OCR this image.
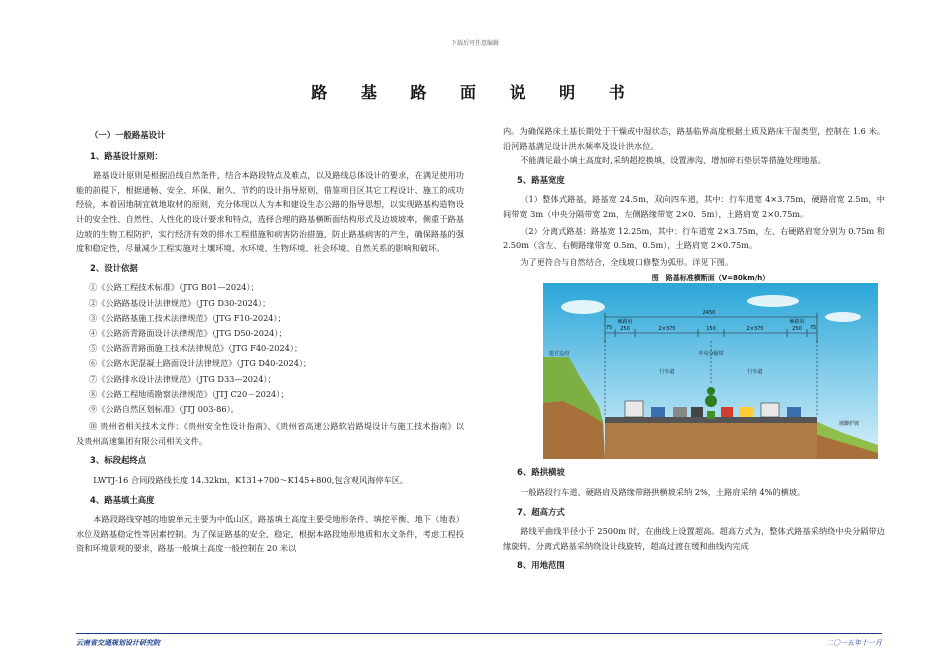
下载后可任意编辑
路 基 路 面 说 明 书
（一）一般路基设计
1、路基设计原则：
路基设计原则是根据沿线自然条件，结合本路段特点及难点，以及路线总体设计的要求，在满足使用功能的前提下，根据通畅、安全、环保、耐久、节约的设计指导原则，借鉴项目区其它工程设计、施工的成功经验，本着因地制宜就地取材的原则，充分体现以人为本和建设生态公路的指导思想，以实现路基构造物设计的安全性、自然性、人性化的设计要求和特点，选择合理的路基横断面结构形式及边坡坡率，侧重于路基边坡的生物工程防护，实行经济有效的排水工程措施和病害防治措施，防止路基病害的产生，确保路基的强度和稳定性，尽量减少工程实施对土壤环境、水环境、生物环境、社会环境、自然关系的影响和破坏。
2、设计依据
①《公路工程技术标准》（JTG B01—2024）；
②《公路路基设计法律规范》（JTG D30-2024）；
③《公路路基施工技术法律规范》（JTG F10-2024）；
④《公路沥青路面设计法律规范》（JTG D50-2024）；
⑤《公路沥青路面施工技术法律规范》（JTG F40-2024）；
⑥《公路水泥混凝土路面设计法律规范》（JTG D40-2024）；
⑦《公路排水设计法律规范》（JTG D33—2024）；
⑧《公路工程地质勘察法律规范》（JTJ C20－2024）；
⑨《公路自然区划标准》（JTJ 003-86）。
⑩ 贵州省相关技术文件：《贵州安全性设计指南》、《贵州省高速公路软岩路堤设计与施工技术指南》以及贵州高速集团有限公司相关文件。
3、标段起终点
LWTJ-16 合同段路线长度 14.32km，K131+700～K145+800,包含观风海停车区。
4、路基填土高度
本路段路线穿越的地貌单元主要为中低山区，路基填土高度主要受地形条件、填挖平衡、地下（地表）水位及路基稳定性等因素控制。为了保证路基的安全、稳定，根据本路段地形地质和水文条件，考虑工程投资和环境景观的要求，路基一般填土高度一般控制在 20 米以
内。为确保路床土基长期处于干燥或中湿状态，路基临界高度根据土质及路床干湿类型，控制在 1.6 米。沿河路基满足设计洪水频率及设计洪水位。
不能满足最小填土高度时,采纳超挖换填、设置渗沟、增加碎石垫层等措施处理地基。
5、路基宽度
（1）整体式路基，路基宽 24.5m，双向四车道，其中：行车道宽 4×3.75m，硬路肩宽 2.5m，中间带宽 3m（中央分隔带宽 2m，左侧路缘带宽 2×0．5m），土路肩宽 2×0.75m。
（2）分离式路基：路基宽 12.25m，其中：行车道宽 2×3.75m，左、右硬路肩宽分别为 0.75m 和 2.50m（含左、右侧路缘带宽 0.5m、0.5m），土路肩宽 2×0.75m。
为了更符合与自然结合，全线坡口修整为弧形。详见下图。
图　路基标准横断面（V=80km/h）
2450
75	75
250	2×375	150	2×375	250
硬路肩	硬路肩
行车道	行车道
中央分隔带
挖方边沟
坡脚护坡
6、路拱横坡
一般路段行车道、硬路肩及路缘带路拱横坡采纳 2%，土路肩采纳 4%的横坡。
7、超高方式
路线平曲线半径小于 2500m 时，在曲线上设置超高。超高方式为，整体式路基采纳绕中央分隔带边缘旋转，分离式路基采纳绕设计线旋转，超高过渡在缓和曲线内完成
8、用地范围
云南省交通规划设计研究院	二〇一五年十一月
